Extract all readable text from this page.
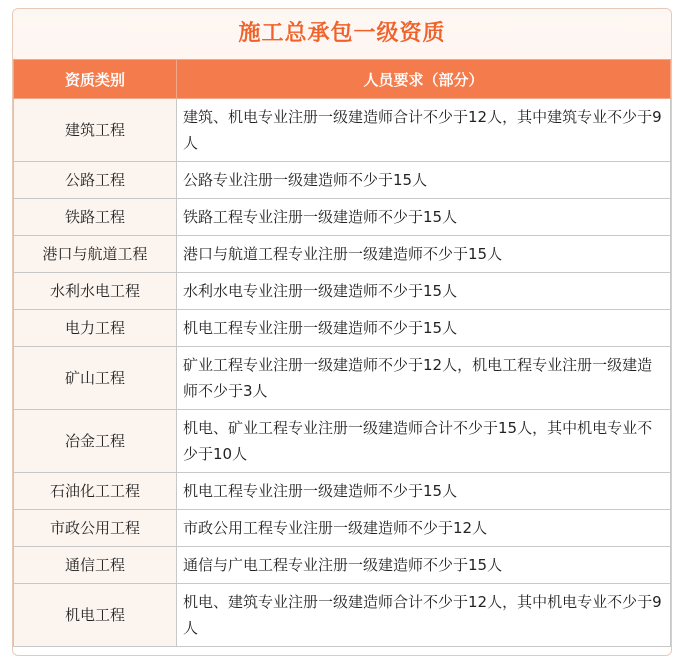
施工总承包一级资质
资质类别	人员要求（部分）
建筑工程	建筑、机电专业注册一级建造师合计不少于12人，其中建筑专业不少于9人
公路工程	公路专业注册一级建造师不少于15人
铁路工程	铁路工程专业注册一级建造师不少于15人
港口与航道工程	港口与航道工程专业注册一级建造师不少于15人
水利水电工程	水利水电专业注册一级建造师不少于15人
电力工程	机电工程专业注册一级建造师不少于15人
矿山工程	矿业工程专业注册一级建造师不少于12人，机电工程专业注册一级建造师不少于3人
冶金工程	机电、矿业工程专业注册一级建造师合计不少于15人，其中机电专业不少于10人
石油化工工程	机电工程专业注册一级建造师不少于15人
市政公用工程	市政公用工程专业注册一级建造师不少于12人
通信工程	通信与广电工程专业注册一级建造师不少于15人
机电工程	机电、建筑专业注册一级建造师合计不少于12人，其中机电专业不少于9人
